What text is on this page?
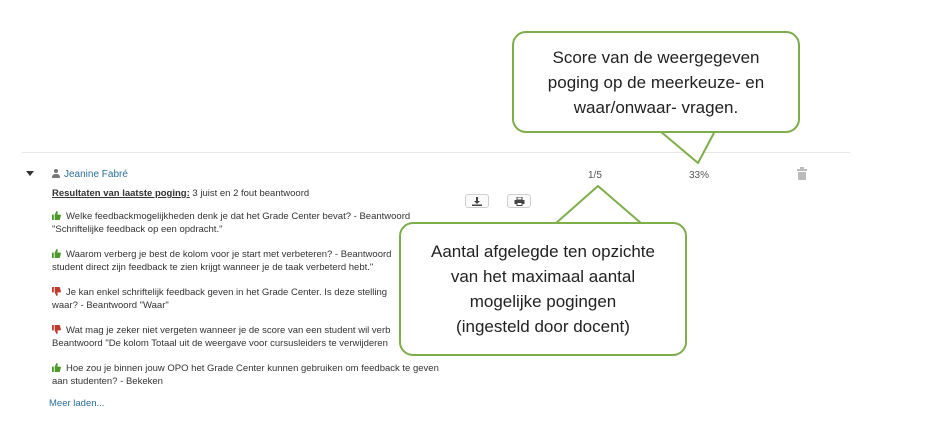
Jeanine Fabré	1/5	33%
Resultaten van laatste poging: 3 juist en 2 fout beantwoord
Welke feedbackmogelijkheden denk je dat het Grade Center bevat? - Beantwoord
"Schriftelijke feedback op een opdracht."
Waarom verberg je best de kolom voor je start met verbeteren? - Beantwoord
student direct zijn feedback te zien krijgt wanneer je de taak verbeterd hebt."
Je kan enkel schriftelijk feedback geven in het Grade Center. Is deze stelling
waar? - Beantwoord "Waar"
Wat mag je zeker niet vergeten wanneer je de score van een student wil verb
Beantwoord "De kolom Totaal uit de weergave voor cursusleiders te verwijderen
Hoe zou je binnen jouw OPO het Grade Center kunnen gebruiken om feedback te geven
aan studenten? - Bekeken
Meer laden...
Score van de weergegeven
poging op de meerkeuze- en
waar/onwaar- vragen.
Aantal afgelegde ten opzichte
van het maximaal aantal
mogelijke pogingen
(ingesteld door docent)
